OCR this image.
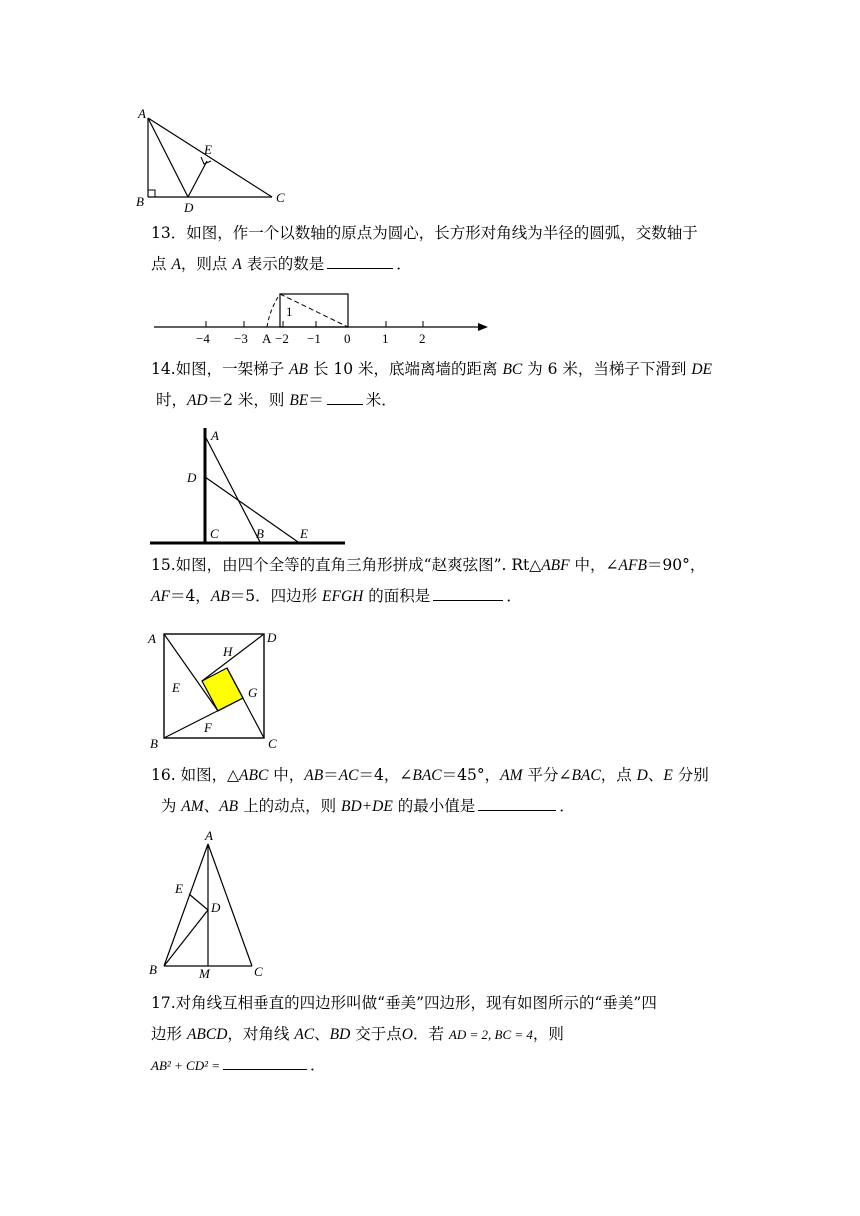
A
B	C
D
E

13．如图，作一个以数轴的原点为圆心，长方形对角线为半径的圆弧，交数轴于
点 A，则点 A 表示的数是	．

1
−4 −3 A −2 −1 0 1 2

14.如图，一架梯子 AB 长 10 米，底端离墙的距离 BC 为 6 米，当梯子下滑到 DE
时，AD＝2 米，则 BE＝	米．

A
D
C	B	E

15.如图，由四个全等的直角三角形拼成“赵爽弦图”. Rt△ABF 中，∠AFB＝90°，
AF＝4，AB＝5．四边形 EFGH 的面积是	．

A	D
H
E	G
B
F
C

16. 如图，△ABC 中，AB＝AC＝4，∠BAC＝45°，AM 平分∠BAC，点 D、E 分别
为 AM、AB 上的动点，则 BD+DE 的最小值是	．

A
E
D
B	M	C

17.对角线互相垂直的四边形叫做“垂美”四边形，现有如图所示的“垂美”四
边形 ABCD，对角线 AC、BD 交于点O．若 AD = 2, BC = 4，则
AB² + CD² =	．
